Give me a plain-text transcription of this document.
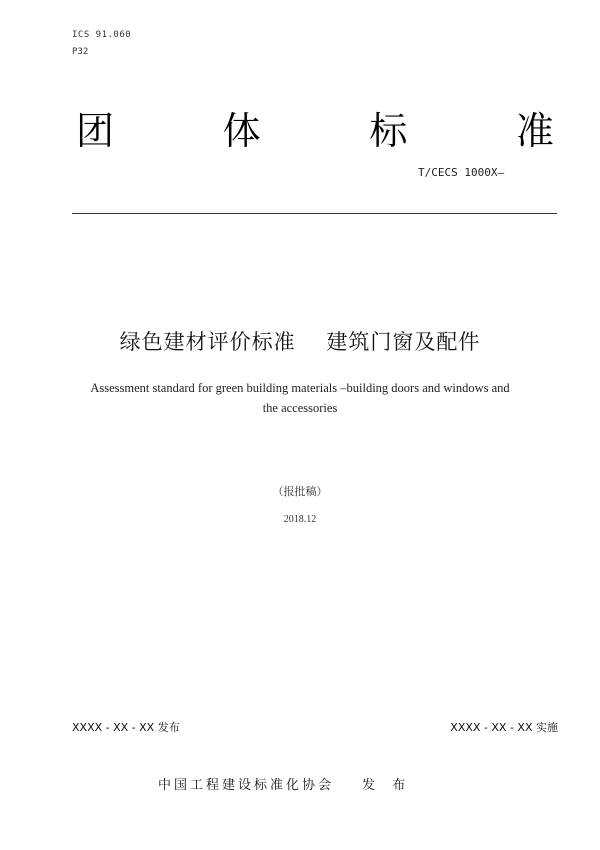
ICS 91.060
P32
团	体	标	准
T/CECS 1000X—
绿色建材评价标准    建筑门窗及配件
Assessment standard for green building materials –building doors and windows and
the accessories
（报批稿）
2018.12
XXXX - XX - XX 发布	XXXX - XX - XX 实施
中国工程建设标准化协会 发  布
